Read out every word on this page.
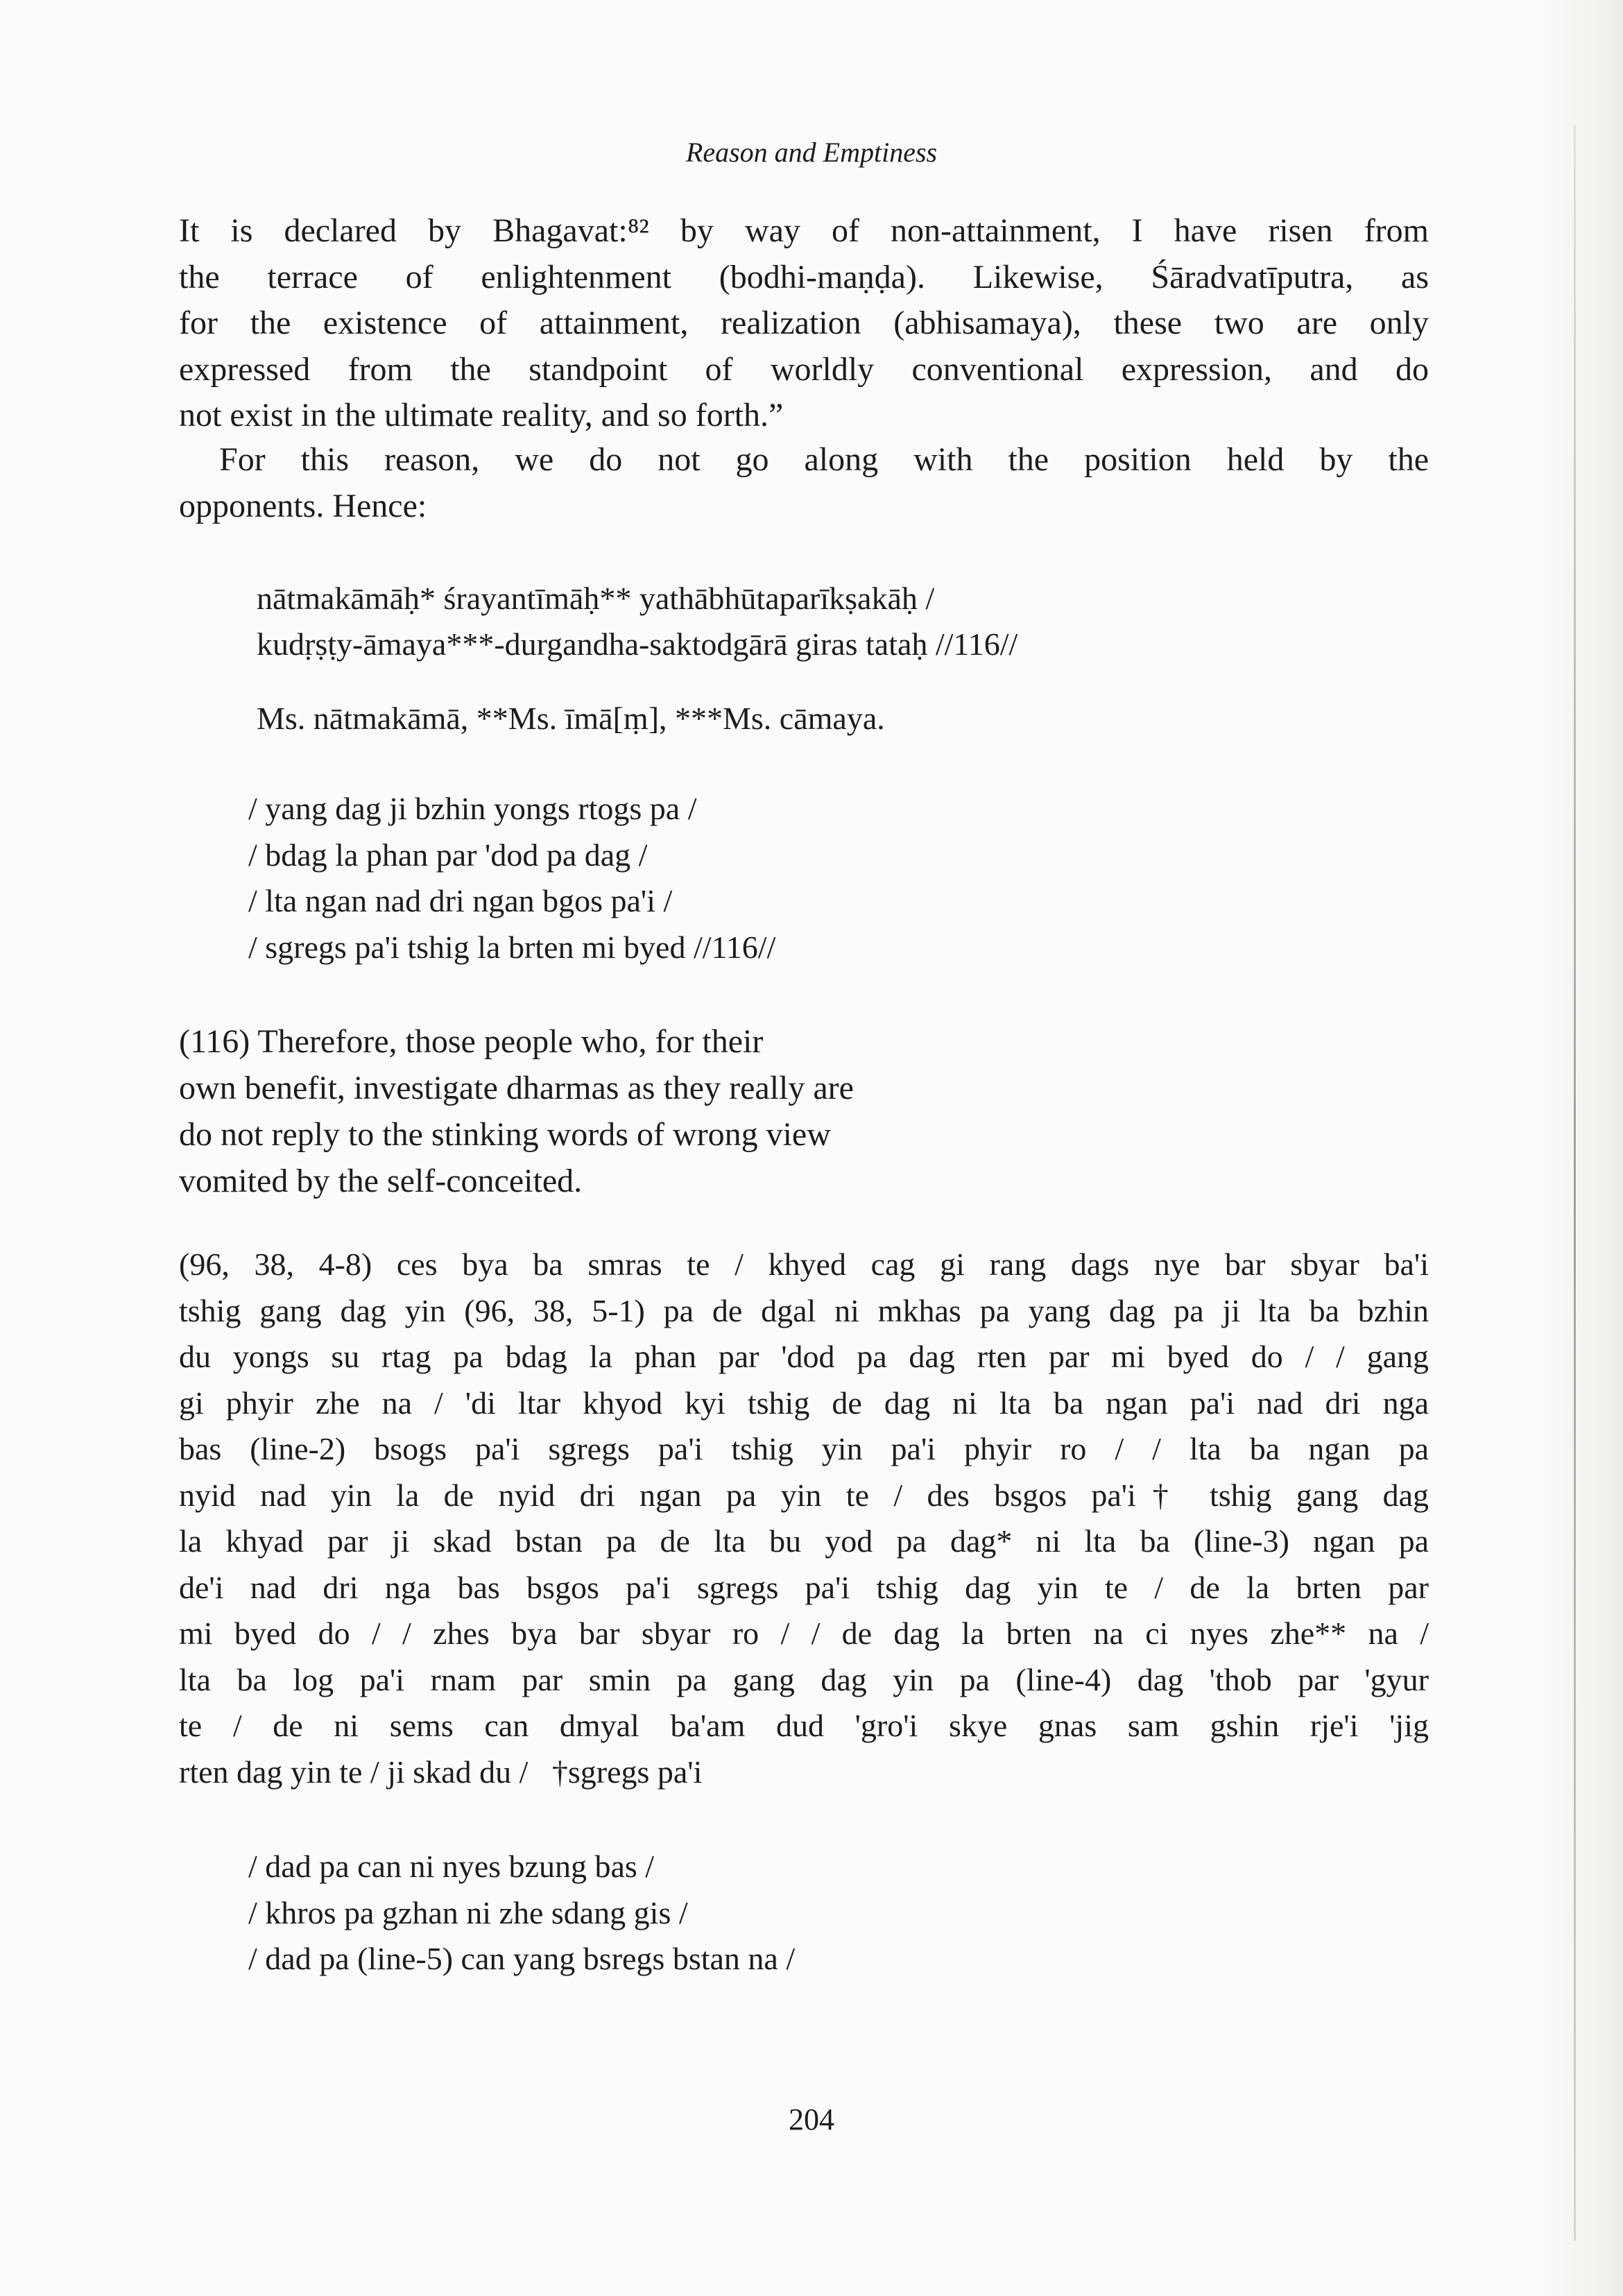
Reason and Emptiness
It is declared by Bhagavat:⁸² by way of non-attainment, I have risen from
the terrace of enlightenment (bodhi-maṇḍa). Likewise, Śāradvatīputra, as
for the existence of attainment, realization (abhisamaya), these two are only
expressed from the standpoint of worldly conventional expression, and do
not exist in the ultimate reality, and so forth.”
For this reason, we do not go along with the position held by the
opponents. Hence:
nātmakāmāḥ* śrayantīmāḥ** yathābhūtaparīkṣakāḥ /
kudṛṣṭy-āmaya***-durgandha-saktodgārā giras tataḥ //116//
Ms. nātmakāmā, **Ms. īmā[ṃ], ***Ms. cāmaya.
/ yang dag ji bzhin yongs rtogs pa /
/ bdag la phan par 'dod pa dag /
/ lta ngan nad dri ngan bgos pa'i /
/ sgregs pa'i tshig la brten mi byed //116//
(116) Therefore, those people who, for their
own benefit, investigate dharmas as they really are
do not reply to the stinking words of wrong view
vomited by the self-conceited.
(96, 38, 4-8) ces bya ba smras te / khyed cag gi rang dags nye bar sbyar ba'i
tshig gang dag yin (96, 38, 5-1) pa de dgal ni mkhas pa yang dag pa ji lta ba bzhin
du yongs su rtag pa bdag la phan par 'dod pa dag rten par mi byed do / / gang
gi phyir zhe na / 'di ltar khyod kyi tshig de dag ni lta ba ngan pa'i nad dri nga
bas (line-2) bsogs pa'i sgregs pa'i tshig yin pa'i phyir ro / / lta ba ngan pa
nyid nad yin la de nyid dri ngan pa yin te / des bsgos pa'i† tshig gang dag
la khyad par ji skad bstan pa de lta bu yod pa dag* ni lta ba (line-3) ngan pa
de'i nad dri nga bas bsgos pa'i sgregs pa'i tshig dag yin te / de la brten par
mi byed do / / zhes bya bar sbyar ro / / de dag la brten na ci nyes zhe** na /
lta ba log pa'i rnam par smin pa gang dag yin pa (line-4) dag 'thob par 'gyur
te / de ni sems can dmyal ba'am dud 'gro'i skye gnas sam gshin rje'i 'jig
rten dag yin te / ji skad du /   †sgregs pa'i
/ dad pa can ni nyes bzung bas /
/ khros pa gzhan ni zhe sdang gis /
/ dad pa (line-5) can yang bsregs bstan na /
204
